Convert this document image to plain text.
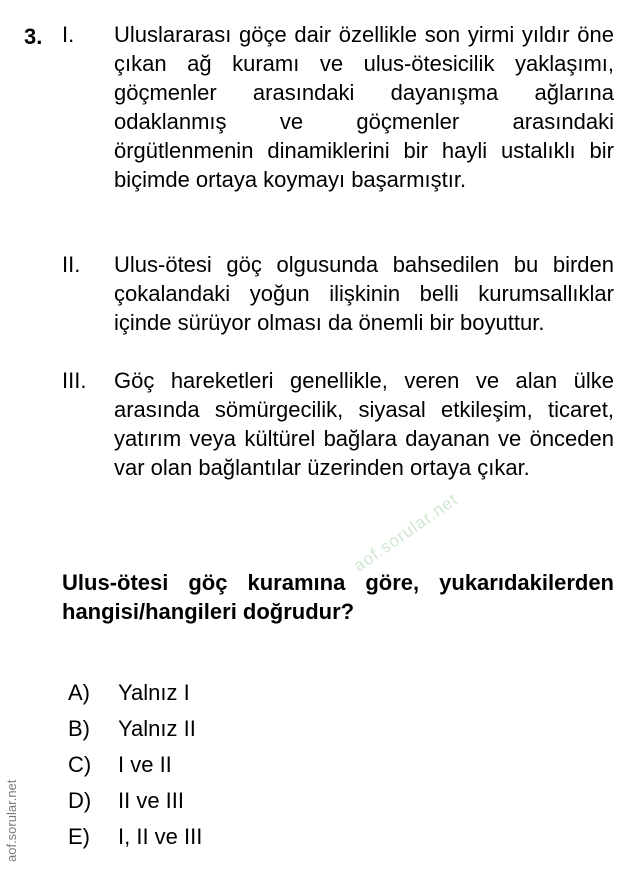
3. I. Uluslararası göçe dair özellikle son yirmi yıldır öne çıkan ağ kuramı ve ulus-ötesicilik yaklaşımı, göçmenler arasındaki dayanışma ağlarına odaklanmış ve göçmenler arasındaki örgütlenmenin dinamiklerini bir hayli ustalıklı bir biçimde ortaya koymayı başarmıştır.
II. Ulus-ötesi göç olgusunda bahsedilen bu birden çokalandaki yoğun ilişkinin belli kurumsallıklar içinde sürüyor olması da önemli bir boyuttur.
III. Göç hareketleri genellikle, veren ve alan ülke arasında sömürgecilik, siyasal etkileşim, ticaret, yatırım veya kültürel bağlara dayanan ve önceden var olan bağlantılar üzerinden ortaya çıkar.
Ulus-ötesi göç kuramına göre, yukarıdakilerden hangisi/hangileri doğrudur?
A)	Yalnız I
B)	Yalnız II
C)	I ve II
D)	II ve III
E)	I, II ve III
aof.sorular.net
aof.sorular.net
